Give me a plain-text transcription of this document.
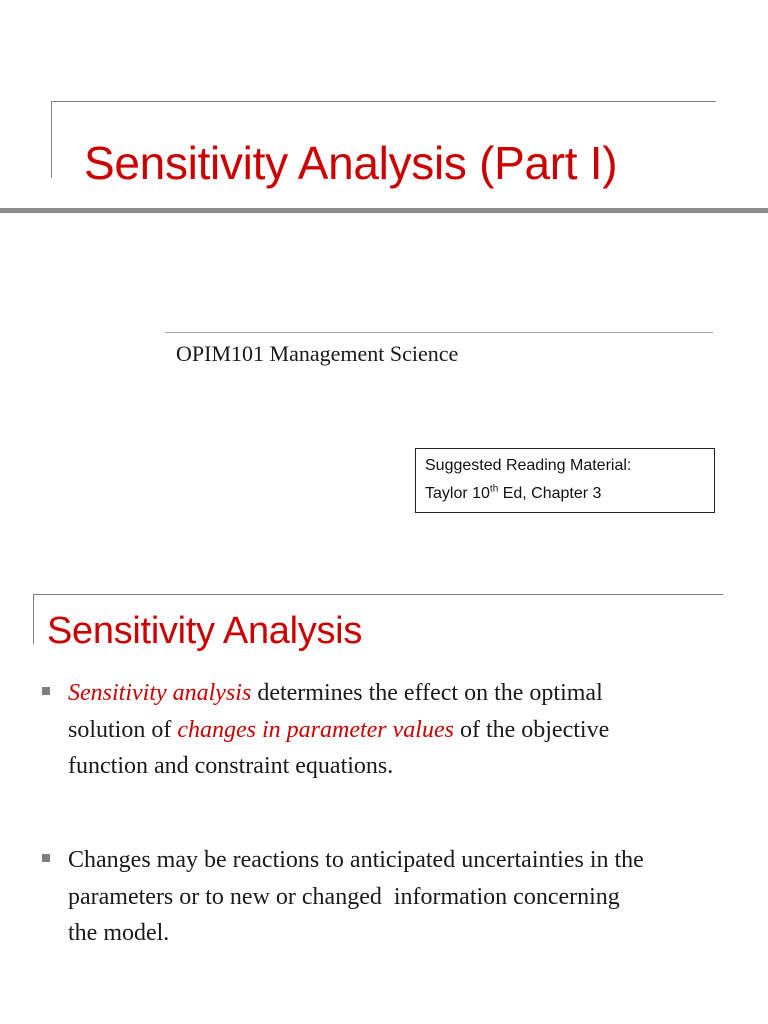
Sensitivity Analysis (Part I)
OPIM101 Management Science
Suggested Reading Material:
Taylor 10th Ed, Chapter 3
Sensitivity Analysis
Sensitivity analysis determines the effect on the optimal
solution of changes in parameter values of the objective
function and constraint equations.
Changes may be reactions to anticipated uncertainties in the
parameters or to new or changed  information concerning
the model.
